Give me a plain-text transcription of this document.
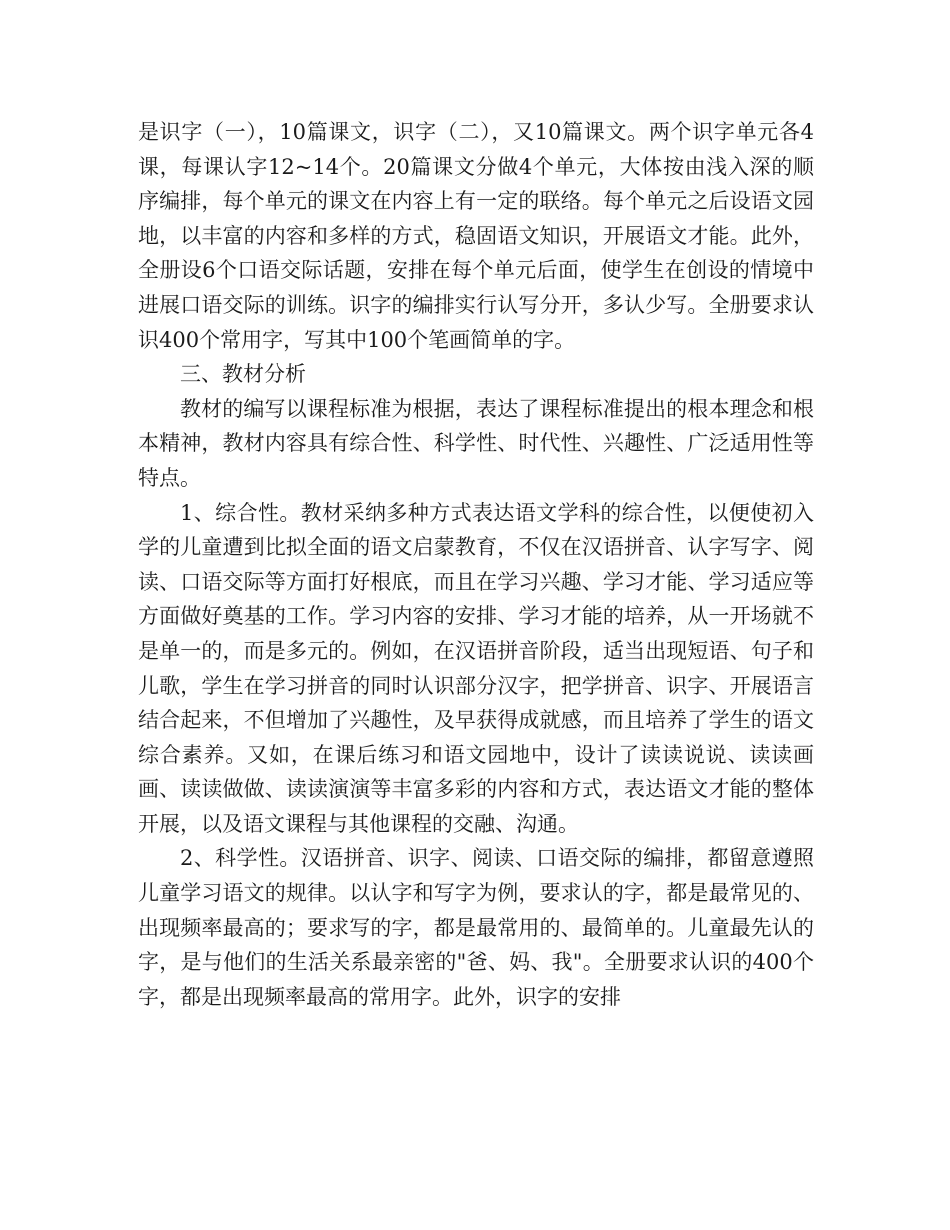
是识字（一），10篇课文，识字（二），又10篇课文。两个识字单元各4课，每课认字12~14个。20篇课文分做4个单元，大体按由浅入深的顺序编排，每个单元的课文在内容上有一定的联络。每个单元之后设语文园地，以丰富的内容和多样的方式，稳固语文知识，开展语文才能。此外，全册设6个口语交际话题，安排在每个单元后面，使学生在创设的情境中进展口语交际的训练。识字的编排实行认写分开，多认少写。全册要求认识400个常用字，写其中100个笔画简单的字。

三、教材分析

教材的编写以课程标准为根据，表达了课程标准提出的根本理念和根本精神，教材内容具有综合性、科学性、时代性、兴趣性、广泛适用性等特点。

1、综合性。教材采纳多种方式表达语文学科的综合性，以便使初入学的儿童遭到比拟全面的语文启蒙教育，不仅在汉语拼音、认字写字、阅读、口语交际等方面打好根底，而且在学习兴趣、学习才能、学习适应等方面做好奠基的工作。学习内容的安排、学习才能的培养，从一开场就不是单一的，而是多元的。例如，在汉语拼音阶段，适当出现短语、句子和儿歌，学生在学习拼音的同时认识部分汉字，把学拼音、识字、开展语言结合起来，不但增加了兴趣性，及早获得成就感，而且培养了学生的语文综合素养。又如，在课后练习和语文园地中，设计了读读说说、读读画画、读读做做、读读演演等丰富多彩的内容和方式，表达语文才能的整体开展，以及语文课程与其他课程的交融、沟通。

2、科学性。汉语拼音、识字、阅读、口语交际的编排，都留意遵照儿童学习语文的规律。以认字和写字为例，要求认的字，都是最常见的、出现频率最高的；要求写的字，都是最常用的、最简单的。儿童最先认的字，是与他们的生活关系最亲密的"爸、妈、我"。全册要求认识的400个字，都是出现频率最高的常用字。此外，识字的安排
